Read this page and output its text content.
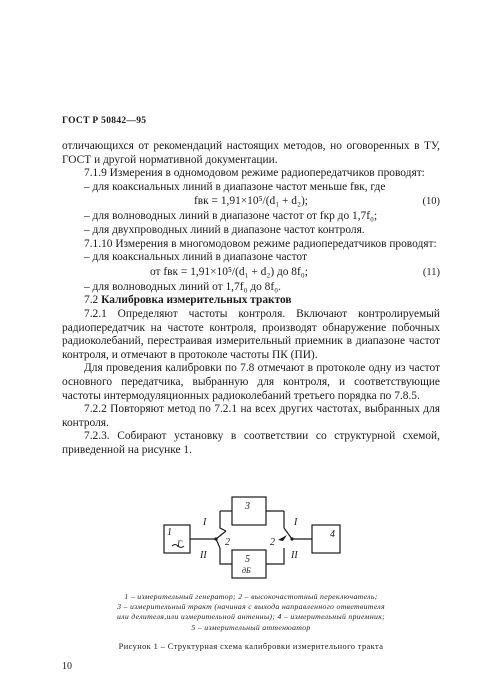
ГОСТ Р 50842—95

отличающихся от рекомендаций настоящих методов, но оговоренных в ТУ, ГОСТ и другой нормативной документации.

7.1.9 Измерения в одномодовом режиме радиопередатчиков проводят:

– для коаксиальных линий в диапазоне частот меньше fвк, где

fвк = 1,91×10⁵/(d₁ + d₂);	(10)

– для волноводных линий в диапазоне частот от fкр до 1,7f₀;

– для двухпроводных линий в диапазоне частот контроля.

7.1.10 Измерения в многомодовом режиме радиопередатчиков проводят:

– для коаксиальных линий в диапазоне частот

от fвк = 1,91×10⁵/(d₁ + d₂) до 8f₀;	(11)

– для волноводных линий от 1,7f₀ до 8f₀.

7.2 Калибровка измерительных трактов

7.2.1 Определяют частоты контроля. Включают контролируемый радиопередатчик на частоте контроля, производят обнаружение побочных радиоколебаний, перестраивая измерительный приемник в диапазоне частот контроля, и отмечают в протоколе частоты ПК (ПИ).

Для проведения калибровки по 7.8 отмечают в протоколе одну из частот основного передатчика, выбранную для контроля, и соответствующие частоты интермодуляционных радиоколебаний третьего порядка по 7.8.5.

7.2.2 Повторяют метод по 7.2.1 на всех других частотах, выбранных для контроля.

7.2.3. Собирают установку в соответствии со структурной схемой, приведенной на рисунке 1.

1
Г
3
4
5
дБ
2	2
I
II
I
II

1 – измерительный генератор; 2 – высокочастотный переключатель;

3 – измерительный тракт (начиная с выхода направленного ответвителя

или делителя,или измерительной антенны); 4 – измерительный приемник;

5 – измерительный аттенюатор

Рисунок 1 – Структурная схема калибровки измерительного тракта
10
